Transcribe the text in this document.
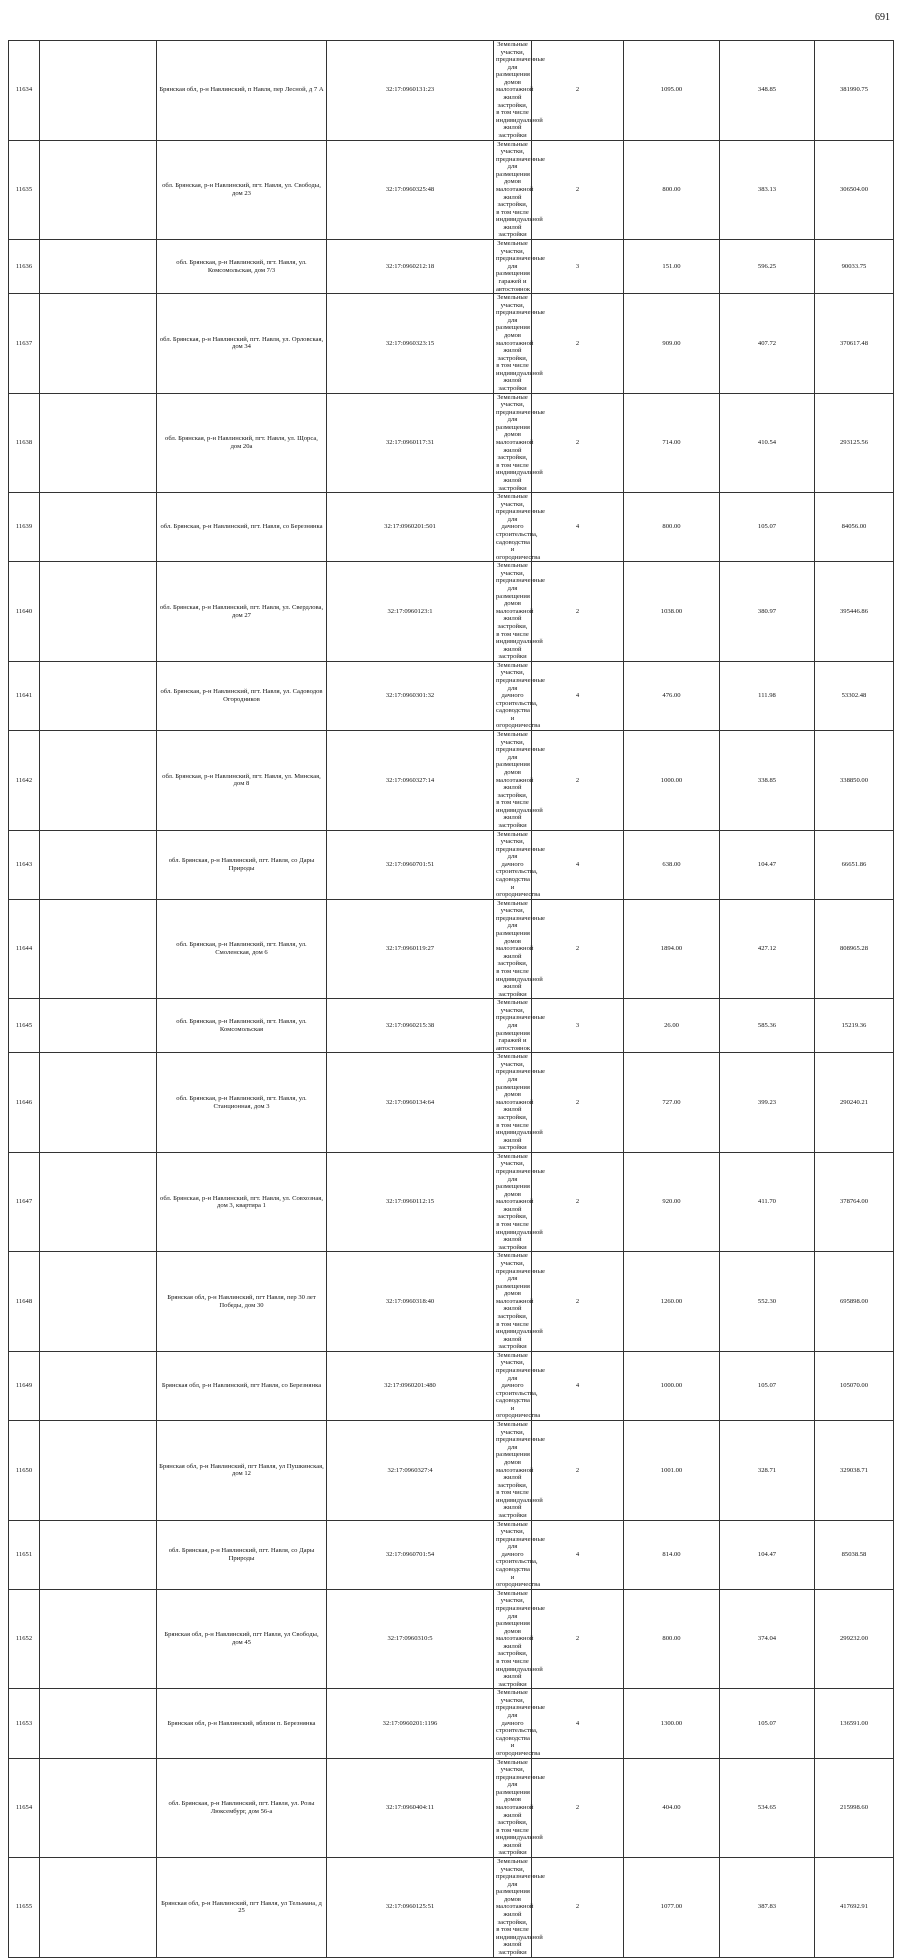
691
11634		Брянская обл, р-н Навлинский, п Навля, пер Лесной, д 7 А	32:17:0960131:23	Земельные участки, предназначенные для размещения домов малоэтажной жилой застройки, в том числе индивидуальной жилой застройки	2	1095.00	348.85	381990.75
11635		обл. Брянская, р-н Навлинский, пгт. Навля, ул. Свободы, дом 23	32:17:0960325:48	Земельные участки, предназначенные для размещения домов малоэтажной жилой застройки, в том числе индивидуальной жилой застройки	2	800.00	383.13	306504.00
11636		обл. Брянская, р-н Навлинский, пгт. Навля, ул. Комсомольская, дом 7/3	32:17:0960212:18	Земельные участки, предназначенные для размещения гаражей и автостоянок	3	151.00	596.25	90033.75
11637		обл. Брянская, р-н Навлинский, пгт. Навля, ул. Орловская, дом 34	32:17:0960323:15	Земельные участки, предназначенные для размещения домов малоэтажной жилой застройки, в том числе индивидуальной жилой застройки	2	909.00	407.72	370617.48
11638		обл. Брянская, р-н Навлинский, пгт. Навля, ул. Щорса, дом 20а	32:17:0960117:31	Земельные участки, предназначенные для размещения домов малоэтажной жилой застройки, в том числе индивидуальной жилой застройки	2	714.00	410.54	293125.56
11639		обл. Брянская, р-н Навлинский, пгт. Навля, со Березнянка	32:17:0960201:501	Земельные участки, предназначенные для дачного строительства, садоводства и огородничества	4	800.00	105.07	84056.00
11640		обл. Брянская, р-н Навлинский, пгт. Навля, ул. Свердлова, дом 27	32:17:0960123:1	Земельные участки, предназначенные для размещения домов малоэтажной жилой застройки, в том числе индивидуальной жилой застройки	2	1038.00	380.97	395446.86
11641		обл. Брянская, р-н Навлинский, пгт. Навля, ул. Садоводов Огородников	32:17:0960301:32	Земельные участки, предназначенные для дачного строительства, садоводства и огородничества	4	476.00	111.98	53302.48
11642		обл. Брянская, р-н Навлинский, пгт. Навля, ул. Минская, дом 8	32:17:0960327:14	Земельные участки, предназначенные для размещения домов малоэтажной жилой застройки, в том числе индивидуальной жилой застройки	2	1000.00	338.85	338850.00
11643		обл. Брянская, р-н Навлинский, пгт. Навля, со Дары Природы	32:17:0960701:51	Земельные участки, предназначенные для дачного строительства, садоводства и огородничества	4	638.00	104.47	66651.86
11644		обл. Брянская, р-н Навлинский, пгт. Навля, ул. Смоленская, дом 6	32:17:0960119:27	Земельные участки, предназначенные для размещения домов малоэтажной жилой застройки, в том числе индивидуальной жилой застройки	2	1894.00	427.12	808965.28
11645		обл. Брянская, р-н Навлинский, пгт. Навля, ул. Комсомольская	32:17:0960215:38	Земельные участки, предназначенные для размещения гаражей и автостоянок	3	26.00	585.36	15219.36
11646		обл. Брянская, р-н Навлинский, пгт. Навля, ул. Станционная, дом 3	32:17:0960134:64	Земельные участки, предназначенные для размещения домов малоэтажной жилой застройки, в том числе индивидуальной жилой застройки	2	727.00	399.23	290240.21
11647		обл. Брянская, р-н Навлинский, пгт. Навля, ул. Совхозная, дом 3, квартира 1	32:17:0960112:15	Земельные участки, предназначенные для размещения домов малоэтажной жилой застройки, в том числе индивидуальной жилой застройки	2	920.00	411.70	378764.00
11648		Брянская обл, р-н Навлинский, пгт Навля, пер 30 лет Победы, дом 30	32:17:0960318:40	Земельные участки, предназначенные для размещения домов малоэтажной жилой застройки, в том числе индивидуальной жилой застройки	2	1260.00	552.30	695898.00
11649		Брянская обл, р-н Навлинский, пгт Навля, со Березнянка	32:17:0960201:480	Земельные участки, предназначенные для дачного строительства, садоводства и огородничества	4	1000.00	105.07	105070.00
11650		Брянская обл, р-н Навлинский, пгт Навля, ул Пушкинская, дом 12	32:17:0960327:4	Земельные участки, предназначенные для размещения домов малоэтажной жилой застройки, в том числе индивидуальной жилой застройки	2	1001.00	328.71	329038.71
11651		обл. Брянская, р-н Навлинский, пгт. Навля, со Дары Природы	32:17:0960701:54	Земельные участки, предназначенные для дачного строительства, садоводства и огородничества	4	814.00	104.47	85038.58
11652		Брянская обл, р-н Навлинский, пгт Навля, ул Свободы, дом 45	32:17:0960310:5	Земельные участки, предназначенные для размещения домов малоэтажной жилой застройки, в том числе индивидуальной жилой застройки	2	800.00	374.04	299232.00
11653		Брянская обл, р-н Навлинский, вблизи п. Березнянка	32:17:0960201:1196	Земельные участки, предназначенные для дачного строительства, садоводства и огородничества	4	1300.00	105.07	136591.00
11654		обл. Брянская, р-н Навлинский, пгт. Навля, ул. Розы Люксембург, дом 56-а	32:17:0960404:11	Земельные участки, предназначенные для размещения домов малоэтажной жилой застройки, в том числе индивидуальной жилой застройки	2	404.00	534.65	215998.60
11655		Брянская обл, р-н Навлинский, пгт Навля, ул Тельмана, д 25	32:17:0960125:51	Земельные участки, предназначенные для размещения домов малоэтажной жилой застройки, в том числе индивидуальной жилой застройки	2	1077.00	387.83	417692.91
